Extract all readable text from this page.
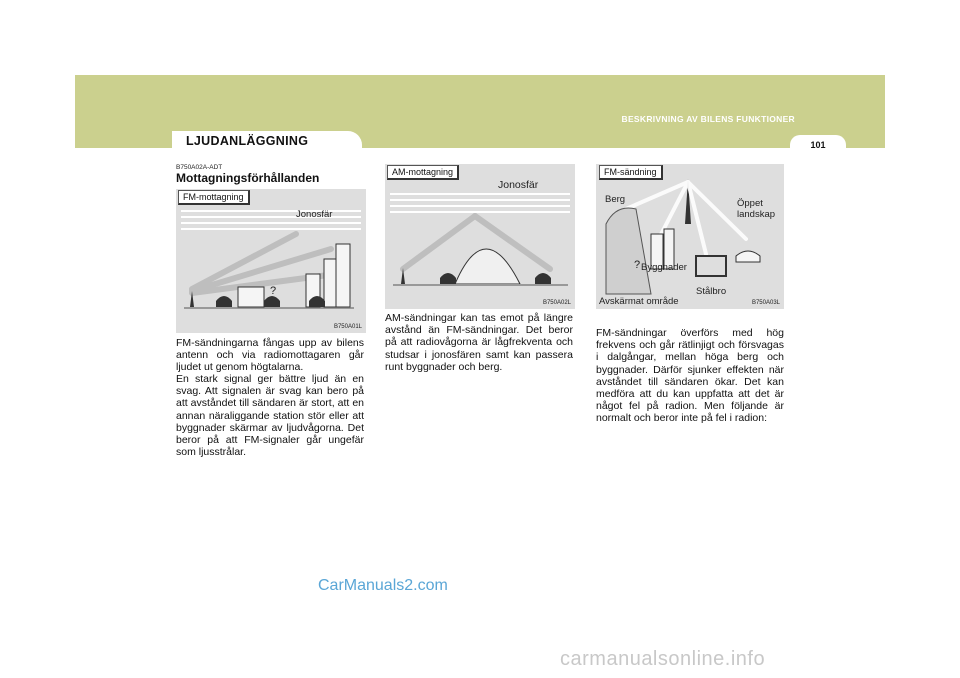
BESKRIVNING AV BILENS FUNKTIONER
LJUDANLÄGGNING	101
B750A02A-ADT
Mottagningsförhållanden
FM-mottagning
Jonosfär
?
B750A01L
FM-sändningarna fångas upp av bilens antenn och via radiomottagaren går ljudet ut genom högtalarna.
En stark signal ger bättre ljud än en svag. Att signalen är svag kan bero på att avståndet till sändaren är stort, att en annan näraliggande station stör eller att byggnader skärmar av ljudvågorna. Det beror på att FM-signaler går ungefär som ljusstrålar.
AM-mottagning
Jonosfär
B750A02L
AM-sändningar kan tas emot på längre avstånd än FM-sändningar. Det beror på att radiovågorna är lågfrekventa och studsar i jonosfären samt kan passera runt byggnader och berg.
FM-sändning
Berg	Öppet
landskap
? Byggnader
Stålbro
Avskärmat område	B750A03L
FM-sändningar överförs med hög frekvens och går rätlinjigt och försvagas i dalgångar, mellan höga berg och byggnader. Därför sjunker effekten när avståndet till sändaren ökar. Det kan medföra att du kan uppfatta att det är något fel på radion. Men följande är normalt och beror inte på fel i radion:
CarManuals2.com
carmanualsonline.info
